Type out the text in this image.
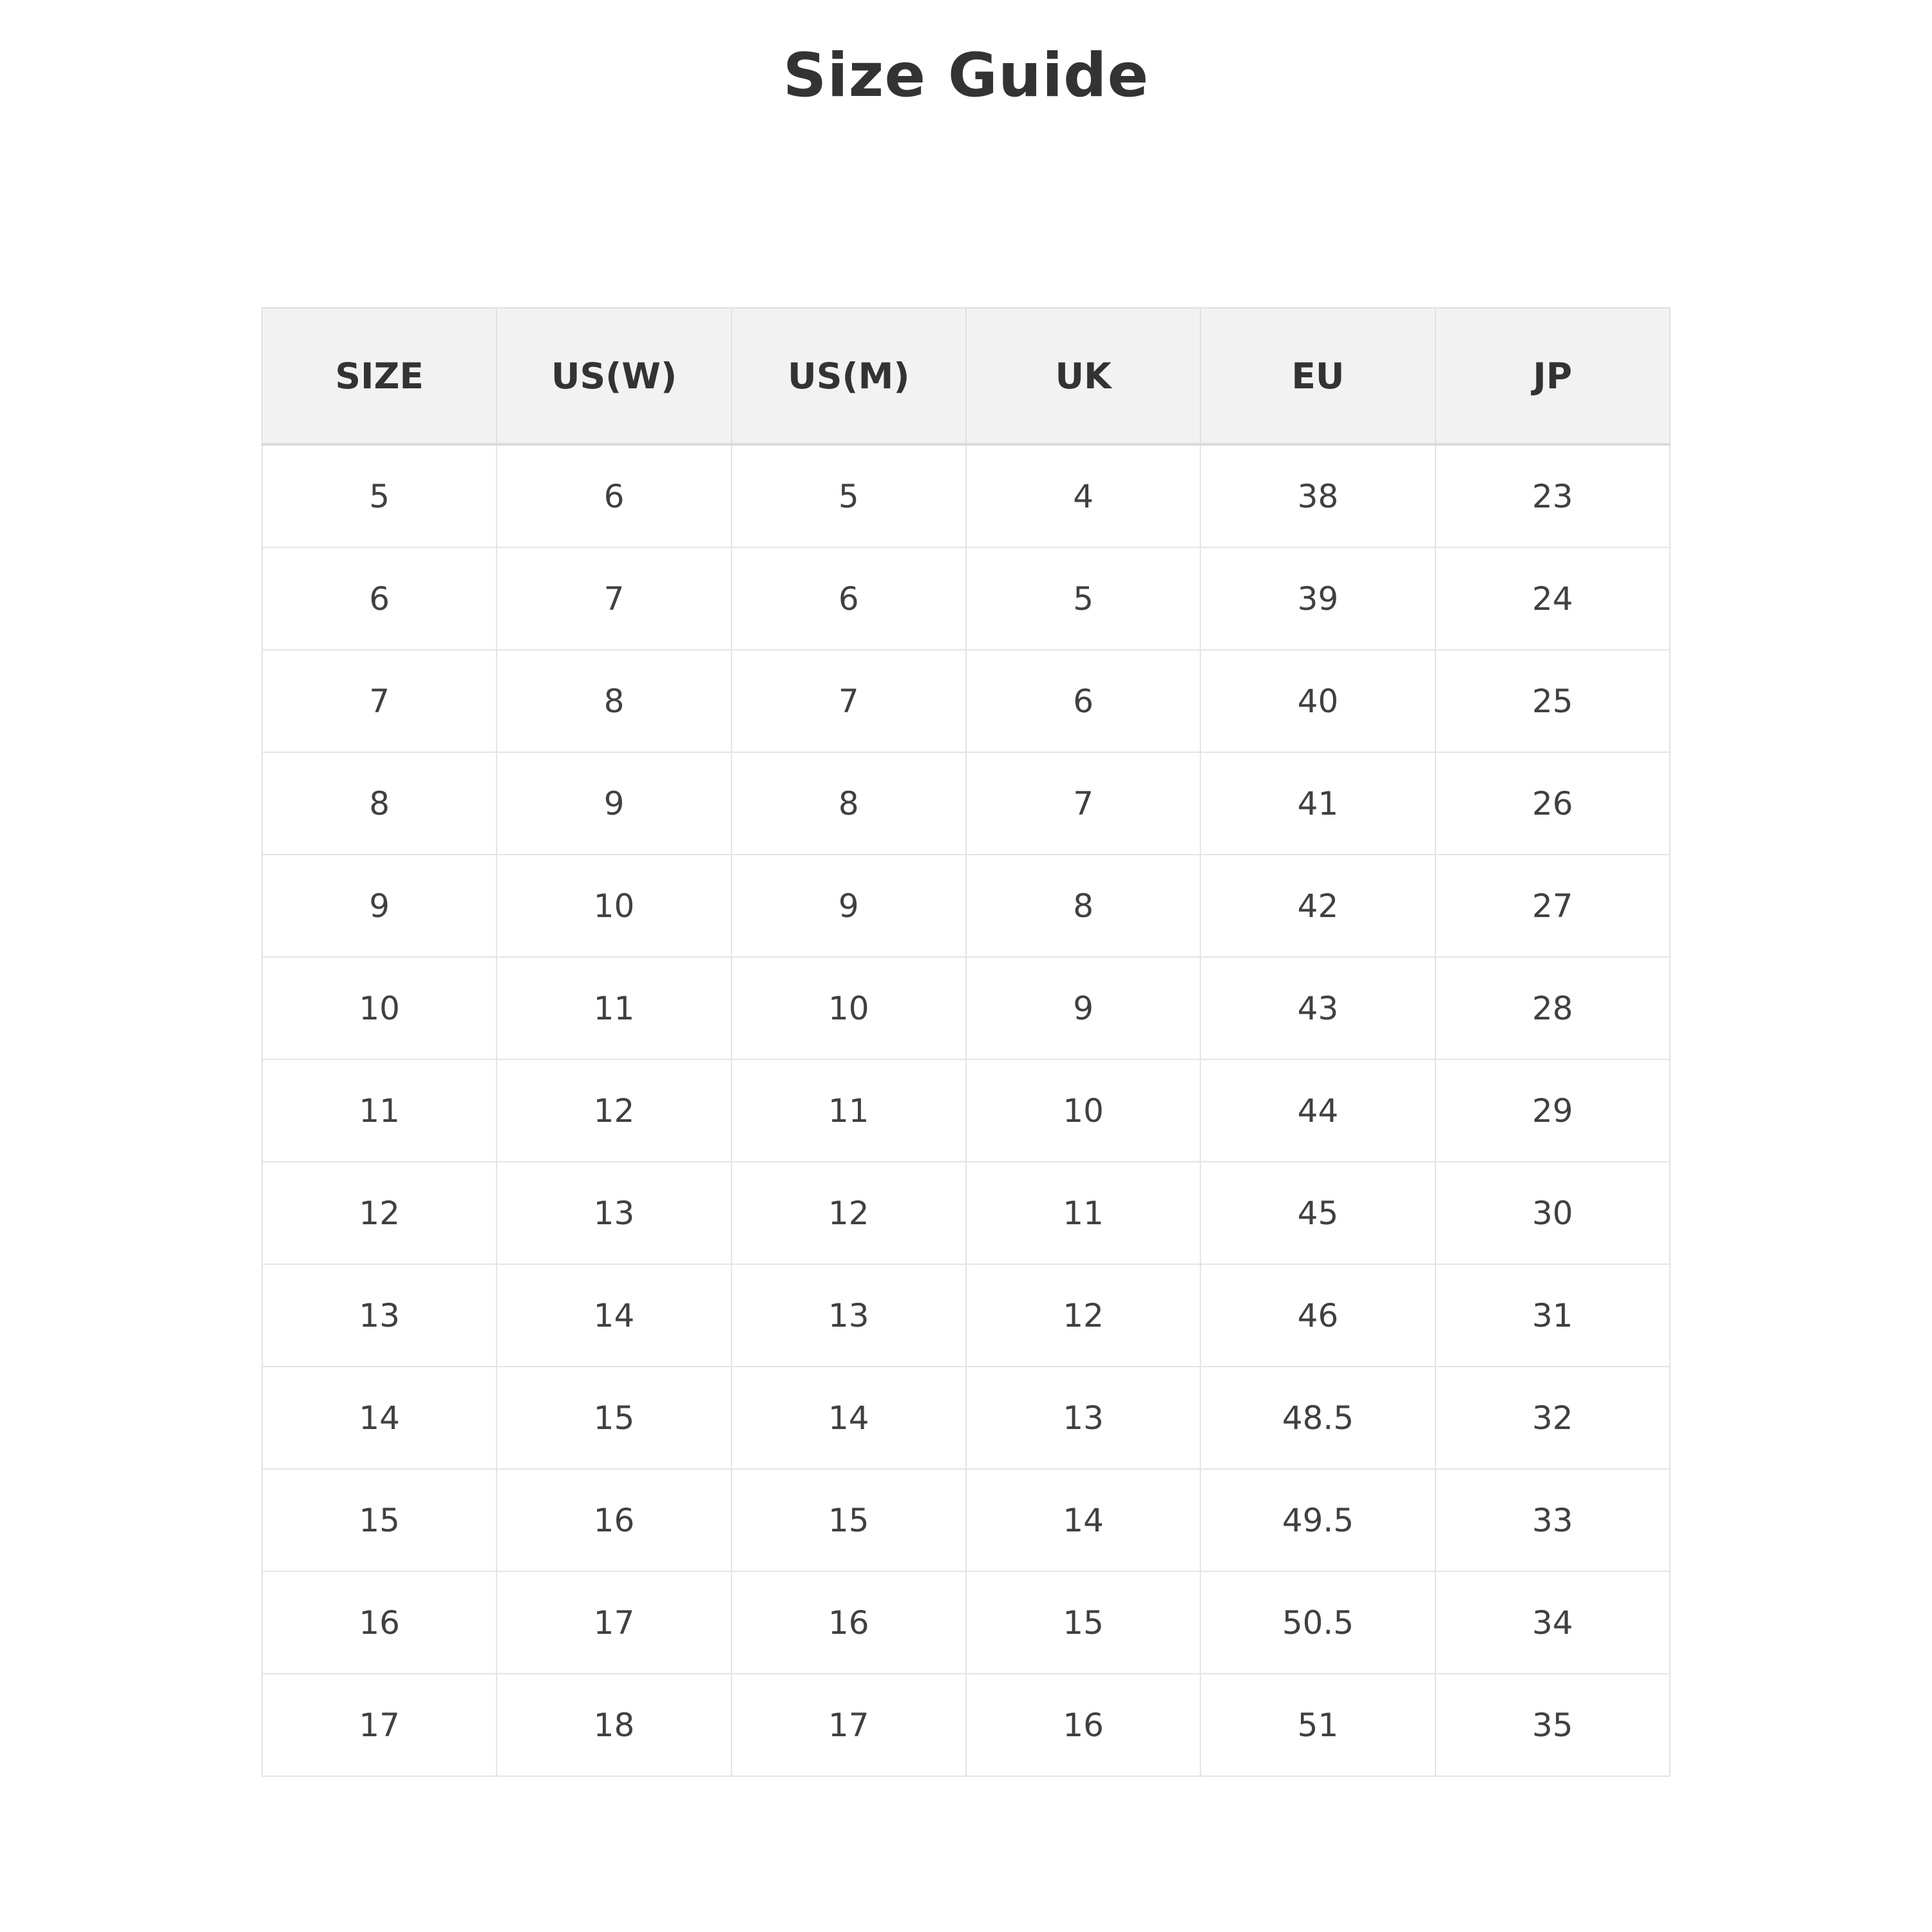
Size Guide
SIZE	US(W)	US(M)	UK	EU	JP
5	6	5	4	38	23
6	7	6	5	39	24
7	8	7	6	40	25
8	9	8	7	41	26
9	10	9	8	42	27
10	11	10	9	43	28
11	12	11	10	44	29
12	13	12	11	45	30
13	14	13	12	46	31
14	15	14	13	48.5	32
15	16	15	14	49.5	33
16	17	16	15	50.5	34
17	18	17	16	51	35
